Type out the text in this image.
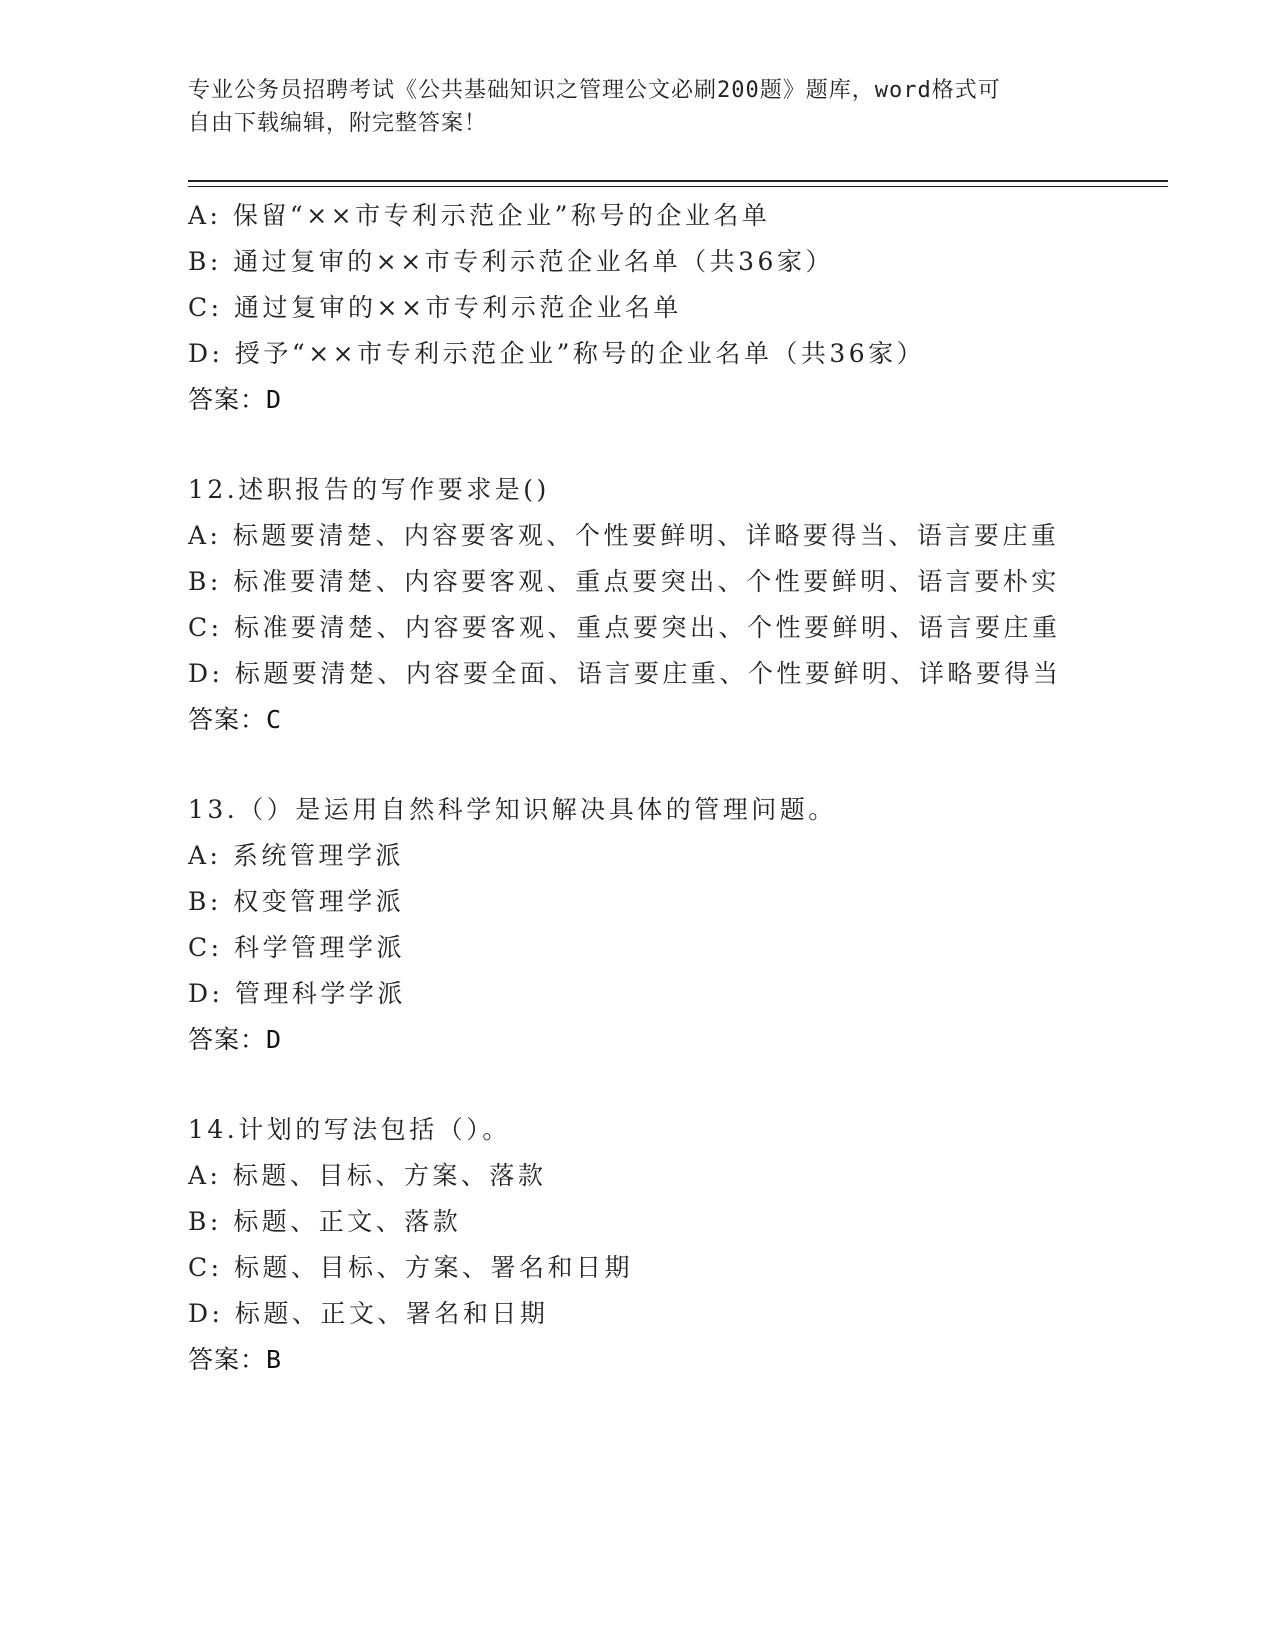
专业公务员招聘考试《公共基础知识之管理公文必刷200题》题库，word格式可
自由下载编辑，附完整答案！
A: 保留“××市专利示范企业”称号的企业名单
B: 通过复审的××市专利示范企业名单（共36家）
C: 通过复审的××市专利示范企业名单
D: 授予“××市专利示范企业”称号的企业名单（共36家）
答案：D
12.述职报告的写作要求是()
A: 标题要清楚、内容要客观、个性要鲜明、详略要得当、语言要庄重
B: 标准要清楚、内容要客观、重点要突出、个性要鲜明、语言要朴实
C: 标准要清楚、内容要客观、重点要突出、个性要鲜明、语言要庄重
D: 标题要清楚、内容要全面、语言要庄重、个性要鲜明、详略要得当
答案：C
13.（）是运用自然科学知识解决具体的管理问题。
A: 系统管理学派
B: 权变管理学派
C: 科学管理学派
D: 管理科学学派
答案：D
14.计划的写法包括（）。
A: 标题、目标、方案、落款
B: 标题、正文、落款
C: 标题、目标、方案、署名和日期
D: 标题、正文、署名和日期
答案：B
